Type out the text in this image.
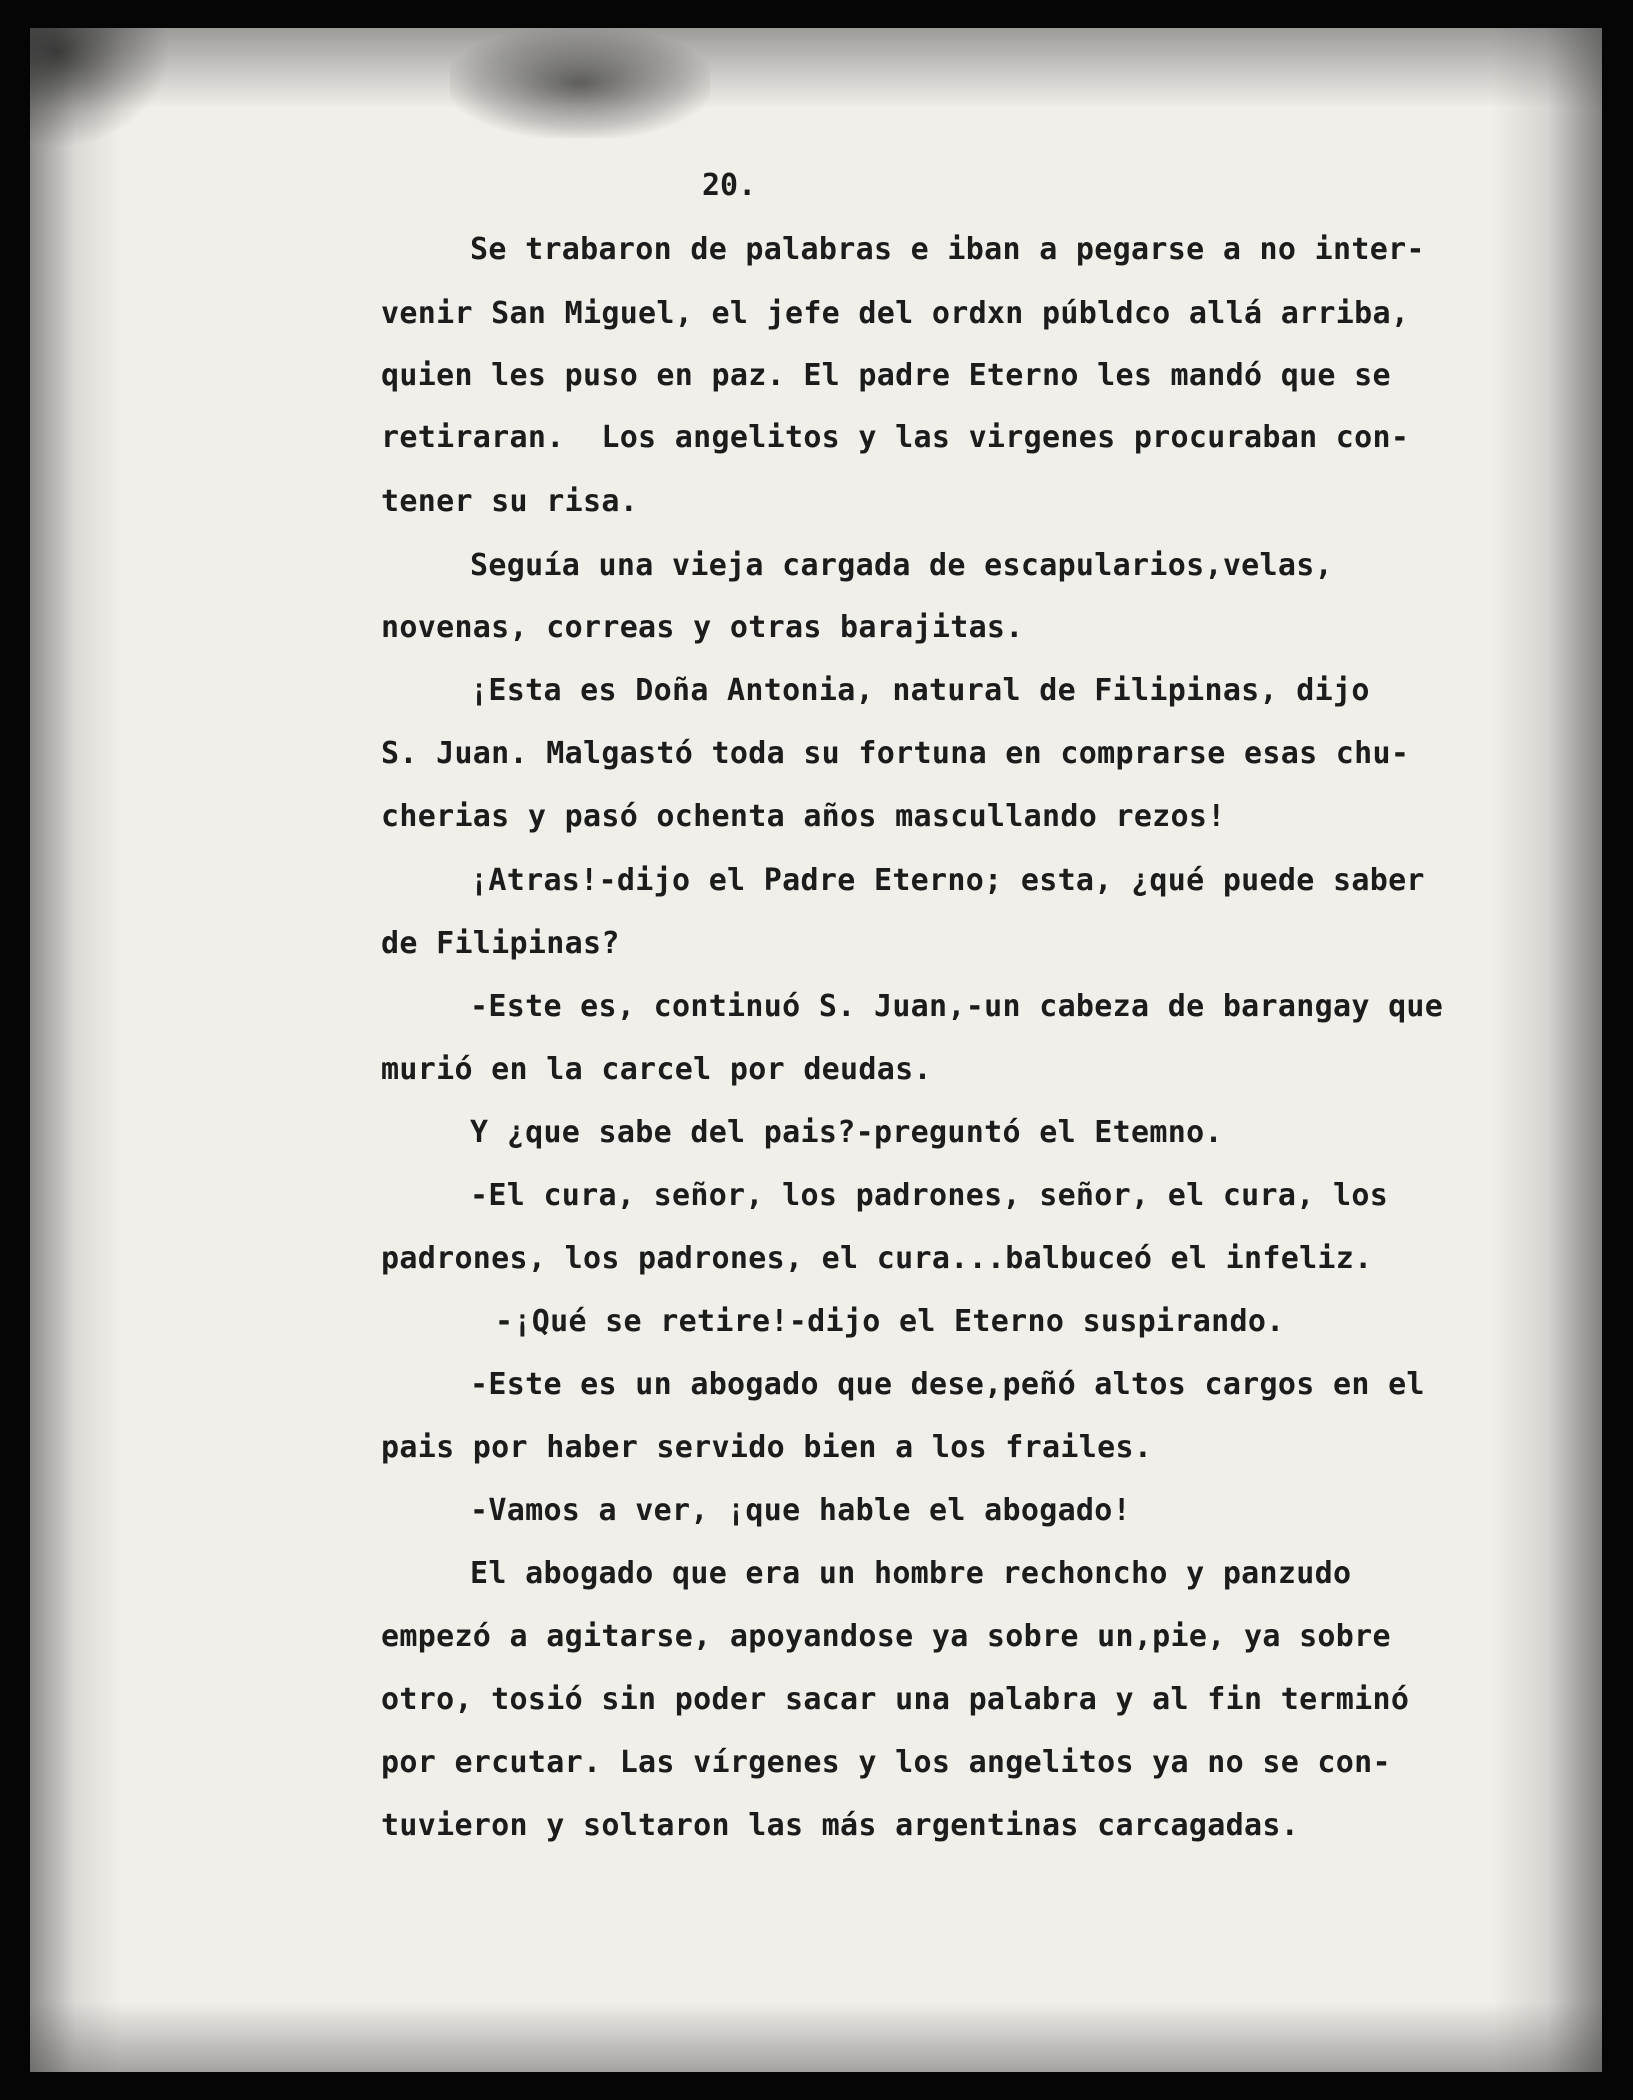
20.
Se trabaron de palabras e iban a pegarse a no inter-
venir San Miguel, el jefe del ordxn públdco allá arriba,
quien les puso en paz. El padre Eterno les mandó que se
retiraran.  Los angelitos y las virgenes procuraban con-
tener su risa.
Seguía una vieja cargada de escapularios,velas,
novenas, correas y otras barajitas.
¡Esta es Doña Antonia, natural de Filipinas, dijo
S. Juan. Malgastó toda su fortuna en comprarse esas chu-
cherias y pasó ochenta años mascullando rezos!
¡Atras!-dijo el Padre Eterno; esta, ¿qué puede saber
de Filipinas?
-Este es, continuó S. Juan,-un cabeza de barangay que
murió en la carcel por deudas.
Y ¿que sabe del pais?-preguntó el Etemno.
-El cura, señor, los padrones, señor, el cura, los
padrones, los padrones, el cura...balbuceó el infeliz.
-¡Qué se retire!-dijo el Eterno suspirando.
-Este es un abogado que dese,peñó altos cargos en el
pais por haber servido bien a los frailes.
-Vamos a ver, ¡que hable el abogado!
El abogado que era un hombre rechoncho y panzudo
empezó a agitarse, apoyandose ya sobre un,pie, ya sobre
otro, tosió sin poder sacar una palabra y al fin terminó
por ercutar. Las vírgenes y los angelitos ya no se con-
tuvieron y soltaron las más argentinas carcagadas.
